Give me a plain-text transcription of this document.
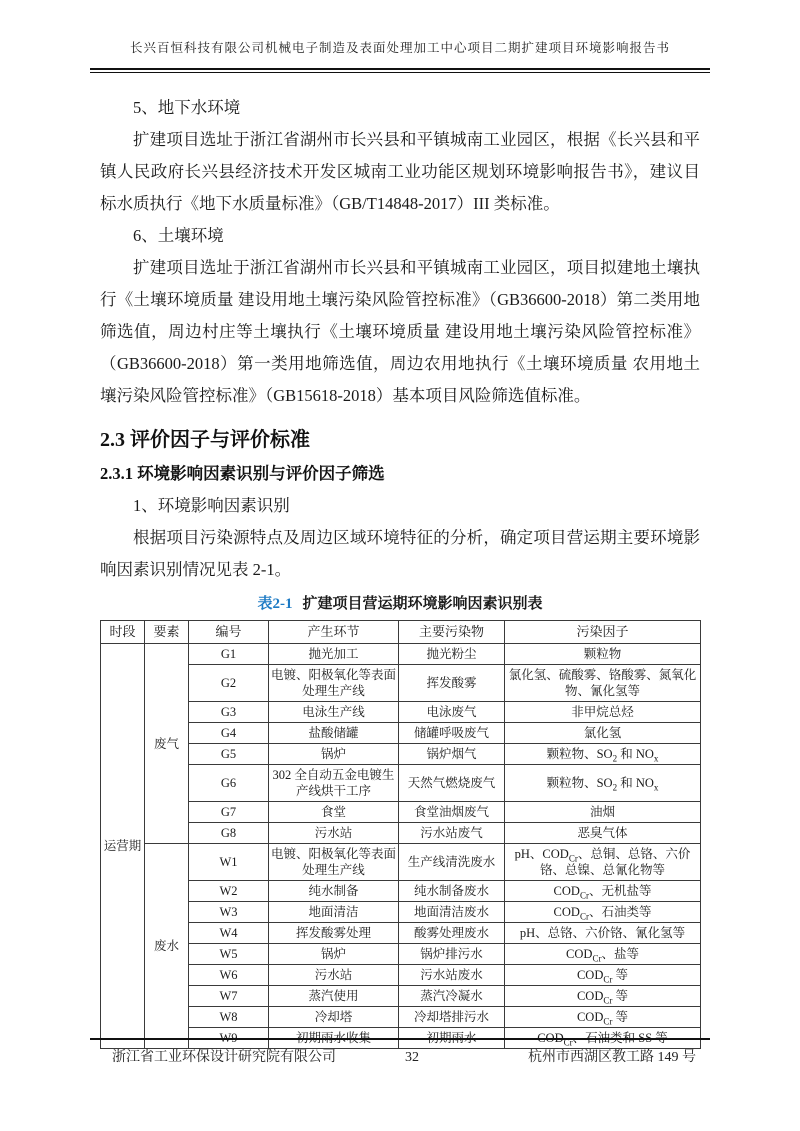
长兴百恒科技有限公司机械电子制造及表面处理加工中心项目二期扩建项目环境影响报告书

5、地下水环境

扩建项目选址于浙江省湖州市长兴县和平镇城南工业园区，根据《长兴县和平镇人民政府长兴县经济技术开发区城南工业功能区规划环境影响报告书》，建议目标水质执行《地下水质量标准》（GB/T14848-2017）III 类标准。

6、土壤环境

扩建项目选址于浙江省湖州市长兴县和平镇城南工业园区，项目拟建地土壤执行《土壤环境质量 建设用地土壤污染风险管控标准》（GB36600-2018）第二类用地筛选值，周边村庄等土壤执行《土壤环境质量 建设用地土壤污染风险管控标准》（GB36600-2018）第一类用地筛选值，周边农用地执行《土壤环境质量 农用地土壤污染风险管控标准》（GB15618-2018）基本项目风险筛选值标准。

2.3 评价因子与评价标准
2.3.1 环境影响因素识别与评价因子筛选

1、环境影响因素识别

根据项目污染源特点及周边区域环境特征的分析，确定项目营运期主要环境影响因素识别情况见表 2-1。

表2-1 扩建项目营运期环境影响因素识别表
时段	要素	编号	产生环节	主要污染物	污染因子
运营期	废气	G1	抛光加工	抛光粉尘	颗粒物
		G2	电镀、阳极氧化等表面处理生产线	挥发酸雾	氯化氢、硫酸雾、铬酸雾、氮氧化物、氰化氢等
		G3	电泳生产线	电泳废气	非甲烷总烃
		G4	盐酸储罐	储罐呼吸废气	氯化氢
		G5	锅炉	锅炉烟气	颗粒物、$SO_2$ 和 $NO_x$
		G6	302 全自动五金电镀生产线烘干工序	天然气燃烧废气	颗粒物、$SO_2$ 和 $NO_x$
		G7	食堂	食堂油烟废气	油烟
		G8	污水站	污水站废气	恶臭气体
	废水	W1	电镀、阳极氧化等表面处理生产线	生产线清洗废水	pH、$COD_{Cr}$、总铜、总铬、六价铬、总镍、总氰化物等
		W2	纯水制备	纯水制备废水	$COD_{Cr}$、无机盐等
		W3	地面清洁	地面清洁废水	$COD_{Cr}$、石油类等
		W4	挥发酸雾处理	酸雾处理废水	pH、总铬、六价铬、氰化氢等
		W5	锅炉	锅炉排污水	$COD_{Cr}$、盐等
		W6	污水站	污水站废水	$COD_{Cr}$ 等
		W7	蒸汽使用	蒸汽冷凝水	$COD_{Cr}$ 等
		W8	冷却塔	冷却塔排污水	$COD_{Cr}$ 等
		W9	初期雨水收集	初期雨水	$COD_{Cr}$、石油类和 SS 等
浙江省工业环保设计研究院有限公司	32	杭州市西湖区教工路 149 号
